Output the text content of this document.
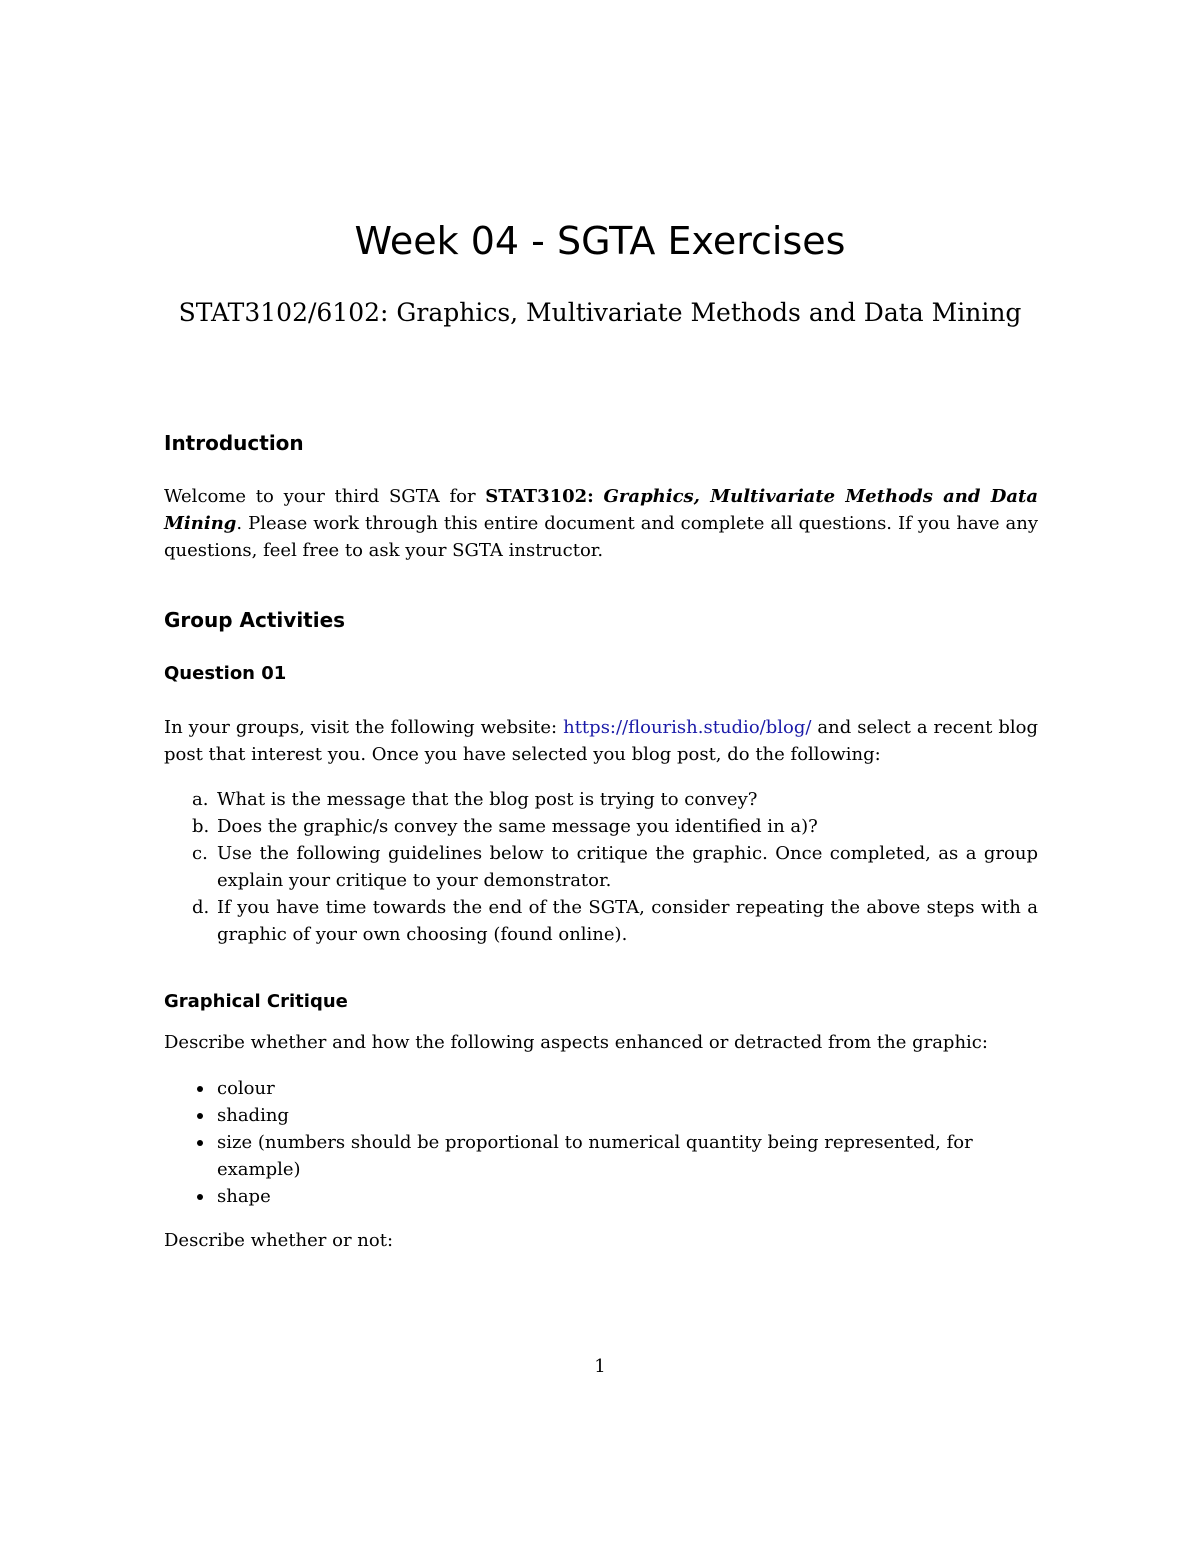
Week 04 - SGTA Exercises
STAT3102/6102: Graphics, Multivariate Methods and Data Mining
Introduction

Welcome to your third SGTA for STAT3102: Graphics, Multivariate Methods and Data Mining. Please work through this entire document and complete all questions. If you have any questions, feel free to ask your SGTA instructor.

Group Activities
Question 01

In your groups, visit the following website: https://flourish.studio/blog/ and select a recent blog post that interest you. Once you have selected you blog post, do the following:

a. What is the message that the blog post is trying to convey?
b. Does the graphic/s convey the same message you identified in a)?
c. Use the following guidelines below to critique the graphic. Once completed, as a group explain your critique to your demonstrator.
d. If you have time towards the end of the SGTA, consider repeating the above steps with a graphic of your own choosing (found online).
Graphical Critique

Describe whether and how the following aspects enhanced or detracted from the graphic:

colour
shading
size (numbers should be proportional to numerical quantity being represented, for example)
shape

Describe whether or not:

1
